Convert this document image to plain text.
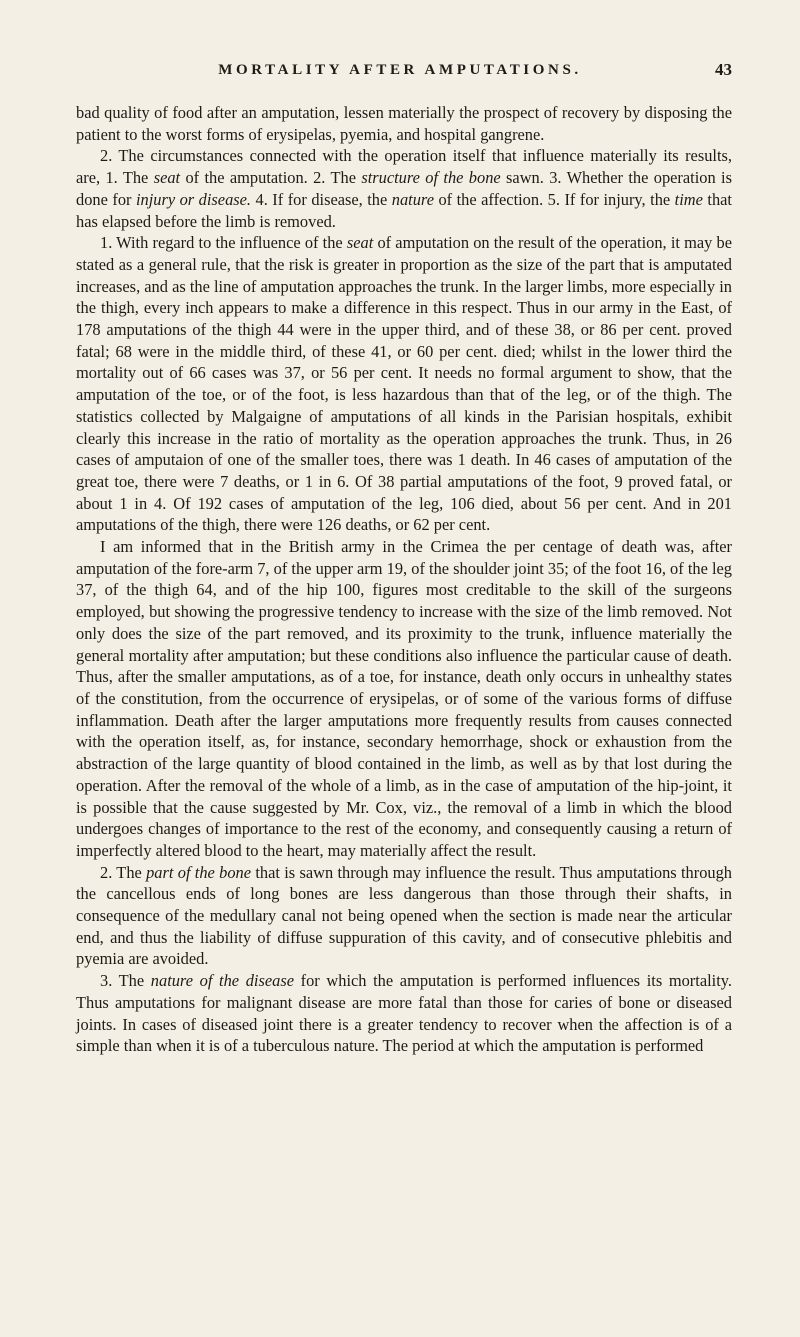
MORTALITY AFTER AMPUTATIONS.	43

bad quality of food after an amputation, lessen materially the prospect of recovery by disposing the patient to the worst forms of erysipelas, pyemia, and hospital gangrene.

2. The circumstances connected with the operation itself that influence materially its results, are, 1. The seat of the amputation. 2. The structure of the bone sawn. 3. Whether the operation is done for injury or disease. 4. If for disease, the nature of the affection. 5. If for injury, the time that has elapsed before the limb is removed.

1. With regard to the influence of the seat of amputation on the result of the operation, it may be stated as a general rule, that the risk is greater in proportion as the size of the part that is amputated increases, and as the line of amputation approaches the trunk. In the larger limbs, more especially in the thigh, every inch appears to make a difference in this respect. Thus in our army in the East, of 178 amputations of the thigh 44 were in the upper third, and of these 38, or 86 per cent. proved fatal; 68 were in the middle third, of these 41, or 60 per cent. died; whilst in the lower third the mortality out of 66 cases was 37, or 56 per cent. It needs no formal argument to show, that the amputation of the toe, or of the foot, is less hazardous than that of the leg, or of the thigh. The statistics collected by Malgaigne of amputations of all kinds in the Parisian hospitals, exhibit clearly this increase in the ratio of mortality as the operation approaches the trunk. Thus, in 26 cases of amputaion of one of the smaller toes, there was 1 death. In 46 cases of amputation of the great toe, there were 7 deaths, or 1 in 6. Of 38 partial amputations of the foot, 9 proved fatal, or about 1 in 4. Of 192 cases of amputation of the leg, 106 died, about 56 per cent. And in 201 amputations of the thigh, there were 126 deaths, or 62 per cent.

I am informed that in the British army in the Crimea the per centage of death was, after amputation of the fore-arm 7, of the upper arm 19, of the shoulder joint 35; of the foot 16, of the leg 37, of the thigh 64, and of the hip 100, figures most creditable to the skill of the surgeons employed, but showing the progressive tendency to increase with the size of the limb removed. Not only does the size of the part removed, and its proximity to the trunk, influence materially the general mortality after amputation; but these conditions also influence the particular cause of death. Thus, after the smaller amputations, as of a toe, for instance, death only occurs in unhealthy states of the constitution, from the occurrence of erysipelas, or of some of the various forms of diffuse inflammation. Death after the larger amputations more frequently results from causes connected with the operation itself, as, for instance, secondary hemorrhage, shock or exhaustion from the abstraction of the large quantity of blood contained in the limb, as well as by that lost during the operation. After the removal of the whole of a limb, as in the case of amputation of the hip-joint, it is possible that the cause suggested by Mr. Cox, viz., the removal of a limb in which the blood undergoes changes of importance to the rest of the economy, and consequently causing a return of imperfectly altered blood to the heart, may materially affect the result.

2. The part of the bone that is sawn through may influence the result. Thus amputations through the cancellous ends of long bones are less dangerous than those through their shafts, in consequence of the medullary canal not being opened when the section is made near the articular end, and thus the liability of diffuse suppuration of this cavity, and of consecutive phlebitis and pyemia are avoided.

3. The nature of the disease for which the amputation is performed influences its mortality. Thus amputations for malignant disease are more fatal than those for caries of bone or diseased joints. In cases of diseased joint there is a greater tendency to recover when the affection is of a simple than when it is of a tuberculous nature. The period at which the amputation is performed
